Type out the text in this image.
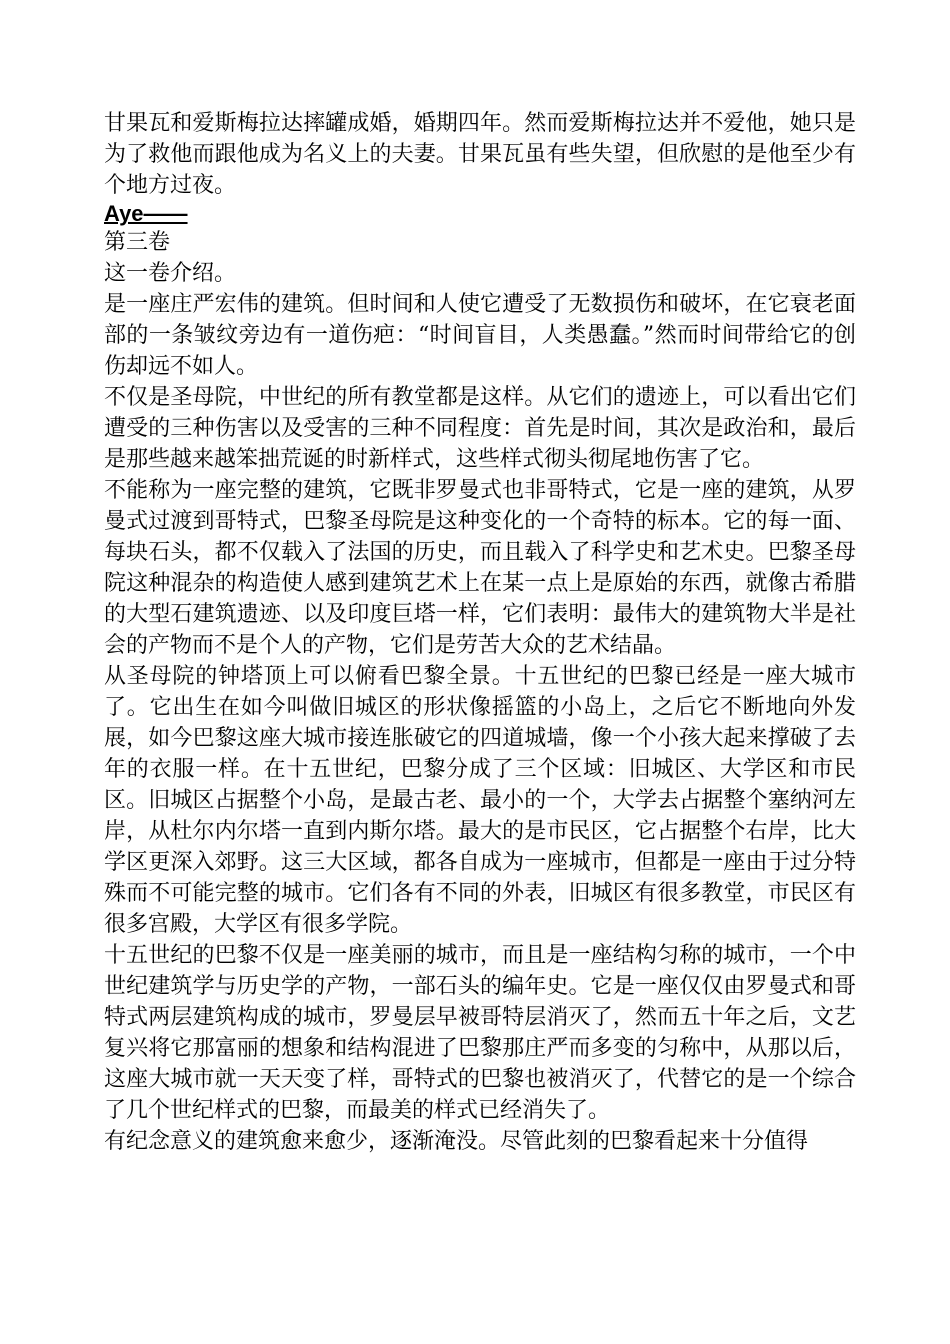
甘果瓦和爱斯梅拉达摔罐成婚，婚期四年。然而爱斯梅拉达并不爱他，她只是为了救他而跟他成为名义上的夫妻。甘果瓦虽有些失望，但欣慰的是他至少有个地方过夜。

Aye——

第三卷

这一卷介绍。

是一座庄严宏伟的建筑。但时间和人使它遭受了无数损伤和破坏，在它衰老面部的一条皱纹旁边有一道伤疤：“时间盲目，人类愚蠢。”然而时间带给它的创伤却远不如人。

不仅是圣母院，中世纪的所有教堂都是这样。从它们的遗迹上，可以看出它们遭受的三种伤害以及受害的三种不同程度：首先是时间，其次是政治和，最后是那些越来越笨拙荒诞的时新样式，这些样式彻头彻尾地伤害了它。

不能称为一座完整的建筑，它既非罗曼式也非哥特式，它是一座的建筑，从罗曼式过渡到哥特式，巴黎圣母院是这种变化的一个奇特的标本。它的每一面、每块石头，都不仅载入了法国的历史，而且载入了科学史和艺术史。巴黎圣母院这种混杂的构造使人感到建筑艺术上在某一点上是原始的东西，就像古希腊的大型石建筑遗迹、以及印度巨塔一样，它们表明：最伟大的建筑物大半是社会的产物而不是个人的产物，它们是劳苦大众的艺术结晶。

从圣母院的钟塔顶上可以俯看巴黎全景。十五世纪的巴黎已经是一座大城市了。它出生在如今叫做旧城区的形状像摇篮的小岛上，之后它不断地向外发展，如今巴黎这座大城市接连胀破它的四道城墙，像一个小孩大起来撑破了去年的衣服一样。在十五世纪，巴黎分成了三个区域：旧城区、大学区和市民区。旧城区占据整个小岛，是最古老、最小的一个，大学去占据整个塞纳河左岸，从杜尔内尔塔一直到内斯尔塔。最大的是市民区，它占据整个右岸，比大学区更深入郊野。这三大区域，都各自成为一座城市，但都是一座由于过分特殊而不可能完整的城市。它们各有不同的外表，旧城区有很多教堂，市民区有很多宫殿，大学区有很多学院。

十五世纪的巴黎不仅是一座美丽的城市，而且是一座结构匀称的城市，一个中世纪建筑学与历史学的产物，一部石头的编年史。它是一座仅仅由罗曼式和哥特式两层建筑构成的城市，罗曼层早被哥特层消灭了，然而五十年之后，文艺复兴将它那富丽的想象和结构混进了巴黎那庄严而多变的匀称中，从那以后，这座大城市就一天天变了样，哥特式的巴黎也被消灭了，代替它的是一个综合了几个世纪样式的巴黎，而最美的样式已经消失了。

有纪念意义的建筑愈来愈少，逐渐淹没。尽管此刻的巴黎看起来十分值得
